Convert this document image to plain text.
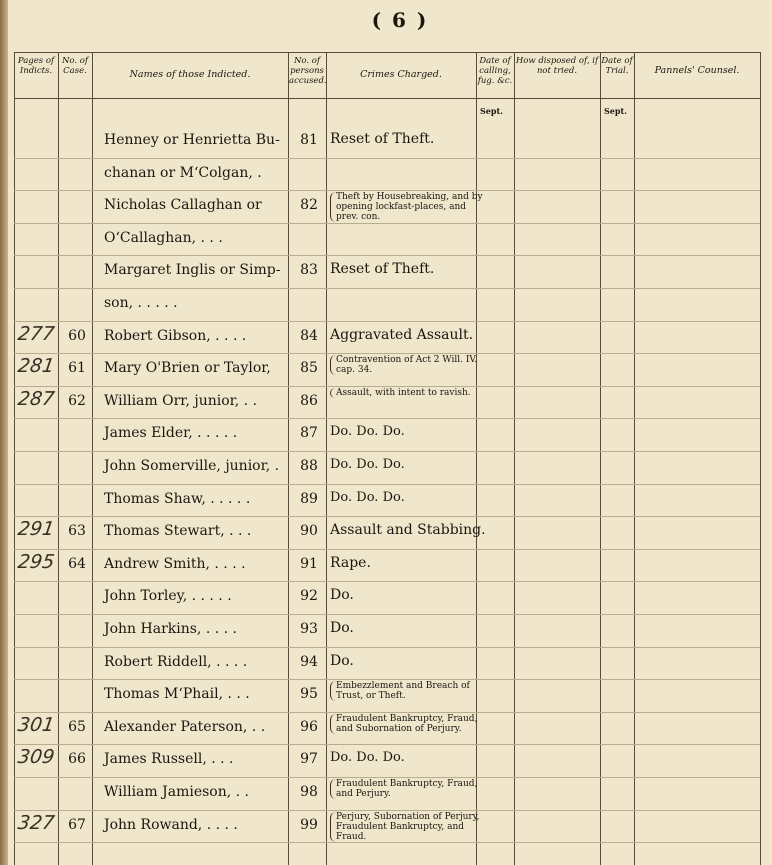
( 6 )
Pages of Indicts.
No. of Case.	Names of those Indicted.
No. of persons accused.
Crimes Charged.
Date of calling, fug. &c.
How disposed of, if not tried.
Date of Trial.	Pannels' Counsel.
Sept.	Sept.
Henney or Henrietta Bu-	81 Reset of Theft.
chanan or M‘Colgan, .
Nicholas Callaghan or	82	Theft by Housebreaking, and by opening lockfast-places, and prev. con.
O‘Callaghan, . . .
Margaret Inglis or Simp-	83 Reset of Theft.
son, . . . . .
277 60	Robert Gibson, . . . .	84 Aggravated Assault.
281 61	Mary O'Brien or Taylor,	85	Contravention of Act 2 Will. IV. cap. 34.
287 62	William Orr, junior, . .	86	Assault, with intent to ravish.
James Elder, . . . . .	87 Do. Do. Do.
John Somerville, junior, .	88 Do. Do. Do.
Thomas Shaw, . . . . .	89 Do. Do. Do.
291 63	Thomas Stewart, . . .	90 Assault and Stabbing.
295 64	Andrew Smith, . . . .	91 Rape.
John Torley, . . . . .	92 Do.
John Harkins, . . . .	93 Do.
Robert Riddell, . . . .	94 Do.
Thomas M‘Phail, . . .	95	Embezzlement and Breach of Trust, or Theft.
301 65	Alexander Paterson, . .	96	Fraudulent Bankruptcy, Fraud, and Subornation of Perjury.
309 66	James Russell, . . .	97 Do. Do. Do.
William Jamieson, . .	98	Fraudulent Bankruptcy, Fraud, and Perjury.
327 67	John Rowand, . . . .	99	Perjury, Subornation of Perjury, Fraudulent Bankruptcy, and Fraud.
